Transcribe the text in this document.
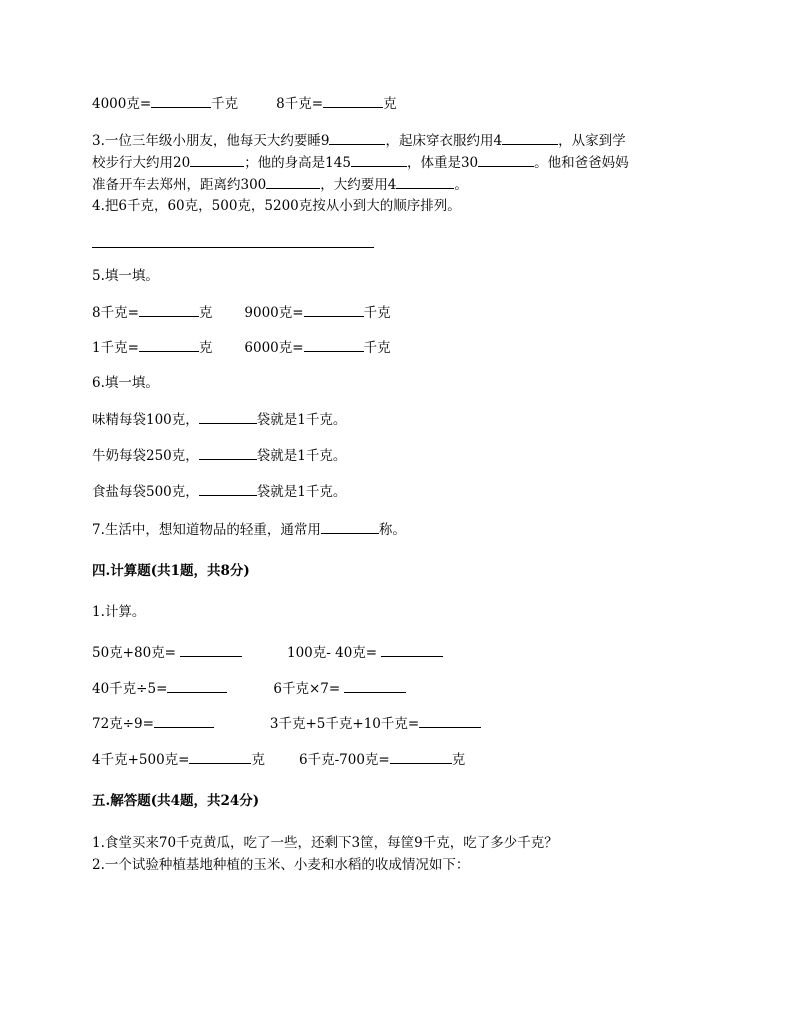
4000克=	千克	8千克=	克
3.一位三年级小朋友，他每天大约要睡9	，起床穿衣服约用4	，从家到学
校步行大约用20	；他的身高是145	，体重是30	。他和爸爸妈妈
准备开车去郑州，距离约300	，大约要用4	。
4.把6千克，60克，500克，5200克按从小到大的顺序排列。
5.填一填。
8千克=	克 9000克=	千克
1千克=	克 6000克=	千克
6.填一填。
味精每袋100克，	袋就是1千克。
牛奶每袋250克，	袋就是1千克。
食盐每袋500克，	袋就是1千克。
7.生活中，想知道物品的轻重，通常用	称。
四.计算题(共1题，共8分)
1.计算。
50克+80克=	100克- 40克=
40千克÷5=	6千克×7=
72克÷9=	3千克+5千克+10千克=
4千克+500克=	克	6千克-700克=	克
五.解答题(共4题，共24分)
1.食堂买来70千克黄瓜，吃了一些，还剩下3筐，每筐9千克，吃了多少千克？
2.一个试验种植基地种植的玉米、小麦和水稻的收成情况如下：
